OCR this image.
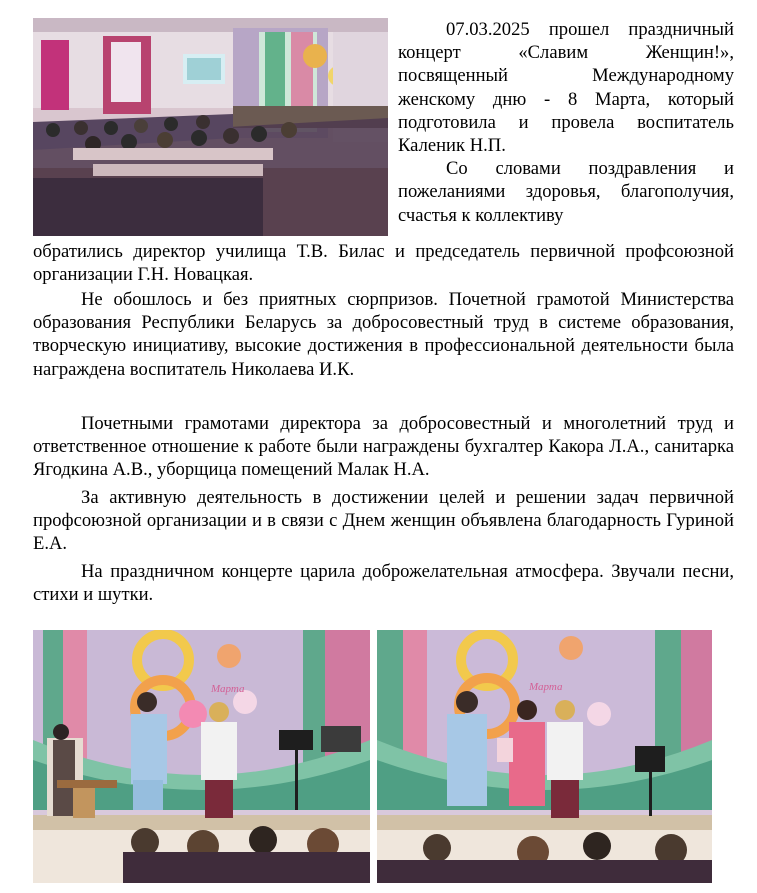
07.03.2025 прошел праздничный концерт «Славим Женщин!», посвященный Международному женскому дню - 8 Марта, который подготовила и провела воспитатель Каленик Н.П.

Со словами поздравления и пожеланиями здоровья, благополучия, счастья к коллективу

обратились директор училища Т.В. Билас и председатель первичной профсоюзной организации Г.Н. Новацкая.

Не обошлось и без приятных сюрпризов. Почетной грамотой Министерства образования Республики Беларусь за добросовестный труд в системе образования, творческую инициативу, высокие достижения в профессиональной деятельности была награждена воспитатель Николаева И.К.

Почетными грамотами директора за добросовестный и многолетний труд и ответственное отношение к работе были награждены бухгалтер Какора Л.А., санитарка Ягодкина А.В., уборщица помещений Малак Н.А.

За активную деятельность в достижении целей и решении задач первичной профсоюзной организации и в связи с Днем женщин объявлена благодарность Гуриной Е.А.

На праздничном концерте царила доброжелательная атмосфера. Звучали песни, стихи и шутки.

Марта	Марта
